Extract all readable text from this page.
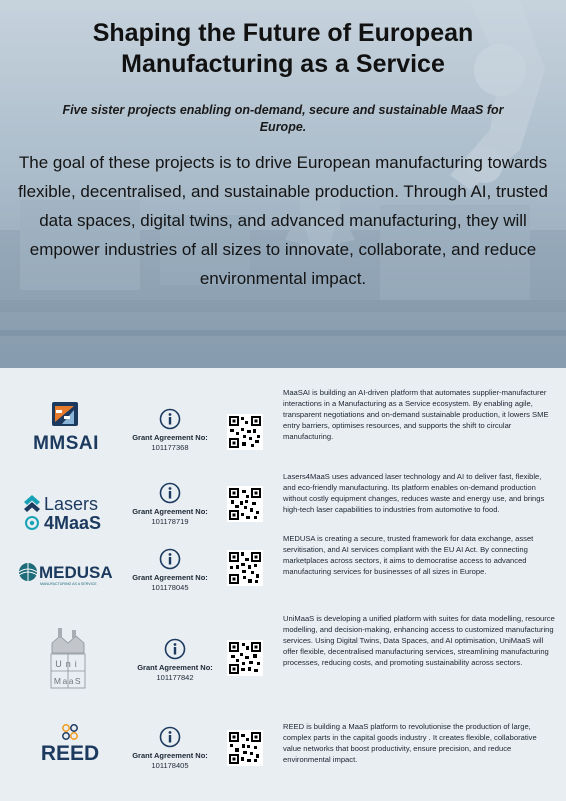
Shaping the Future of European
Manufacturing as a Service

Five sister projects enabling on-demand, secure and sustainable MaaS for Europe.

The goal of these projects is to drive European manufacturing towards flexible, decentralised, and sustainable production. Through AI, trusted data spaces, digital twins, and advanced manufacturing, they will empower industries of all sizes to innovate, collaborate, and reduce environmental impact.

MMSAI	Grant Agreement No:
101177368

MaaSAI is building an AI-driven platform that automates supplier-manufacturer interactions in a Manufacturing as a Service ecosystem. By enabling agile, transparent negotiations and on-demand sustainable production, it lowers SME entry barriers, optimises resources, and supports the shift to circular manufacturing.

Lasers
4MaaS
Grant Agreement No:
101178719

Lasers4MaaS uses advanced laser technology and AI to deliver fast, flexible, and eco-friendly manufacturing. Its platform enables on-demand production without costly equipment changes, reduces waste and energy use, and brings high-tech laser capabilities to industries from automotive to food.

MEDUSA
MANUFACTURING AS A SERVICE
Grant Agreement No:
101178045

MEDUSA is creating a secure, trusted framework for data exchange, asset servitisation, and AI services compliant with the EU AI Act. By connecting marketplaces across sectors, it aims to democratise access to advanced manufacturing services for businesses of all sizes in Europe.

Uni
MaaS
Grant Agreement No:
101177842

UniMaaS is developing a unified platform with suites for data modelling, resource modelling, and decision-making, enhancing access to customized manufacturing services. Using Digital Twins, Data Spaces, and AI optimisation, UniMaaS will offer flexible, decentralised manufacturing services, streamlining manufacturing processes, reducing costs, and promoting sustainability across sectors.

REED	Grant Agreement No:
101178405

REED is building a MaaS platform to revolutionise the production of large, complex parts in the capital goods industry . It creates flexible, collaborative value networks that boost productivity, ensure precision, and reduce environmental impact.
